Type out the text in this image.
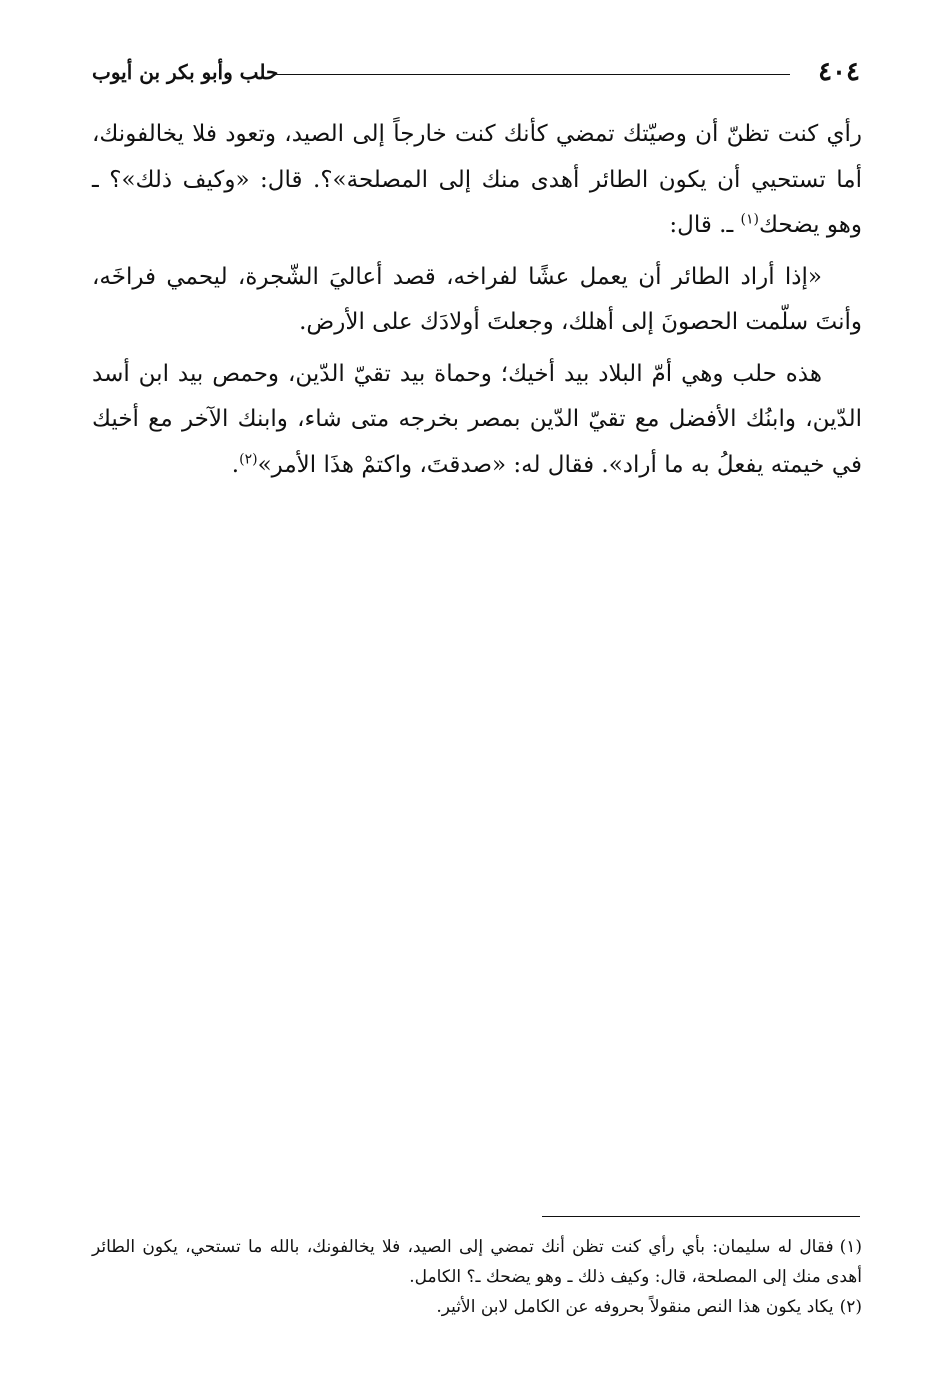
٤٠٤
حلب وأبو بكر بن أيوب

رأي كنت تظنّ أن وصيّتك تمضي كأنك كنت خارجاً إلى الصيد، وتعود فلا يخالفونك، أما تستحيي أن يكون الطائر أهدى منك إلى المصلحة»؟. قال: «وكيف ذلك»؟ ـ وهو يضحك$^{(١)}$ ـ. قال:

«إذا أراد الطائر أن يعمل عشًا لفراخه، قصد أعاليَ الشّجرة، ليحمي فراخَه، وأنتَ سلّمت الحصونَ إلى أهلك، وجعلتَ أولادَك على الأرض.

هذه حلب وهي أمّ البلاد بيد أخيك؛ وحماة بيد تقيّ الدّين، وحمص بيد ابن أسد الدّين، وابنُك الأفضل مع تقيّ الدّين بمصر بخرجه متى شاء، وابنك الآخر مع أخيك في خيمته يفعلُ به ما أراد». فقال له: «صدقتَ، واكتمْ هذَا الأمر»$^{(٢)}$.

(١)فقال له سليمان: بأي رأي كنت تظن أنك تمضي إلى الصيد، فلا يخالفونك، بالله ما تستحي، يكون الطائر أهدى منك إلى المصلحة، قال: وكيف ذلك ـ وهو يضحك ـ؟ الكامل.

(٢)يكاد يكون هذا النص منقولاً بحروفه عن الكامل لابن الأثير.
